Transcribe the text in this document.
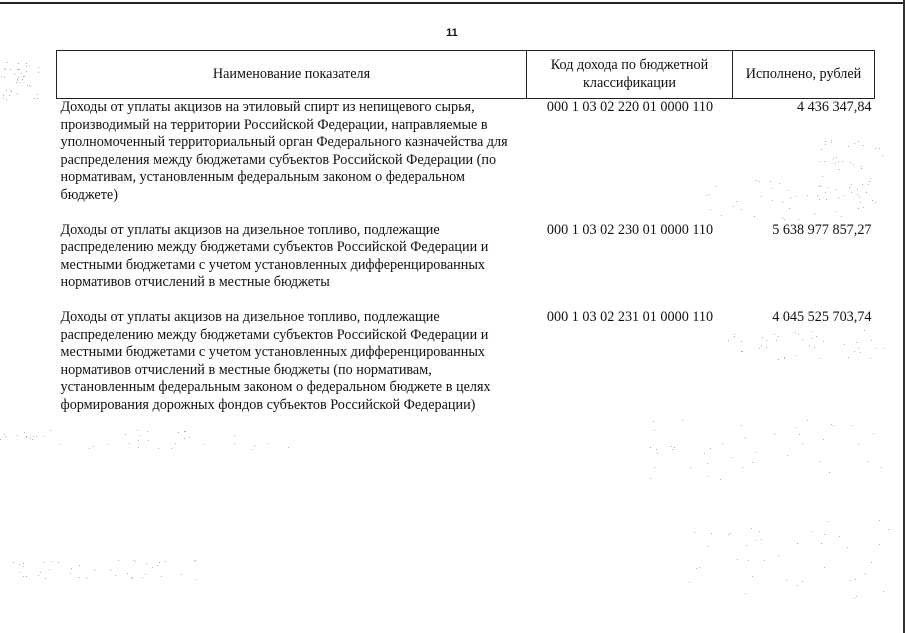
11
Наименование показателя	Код дохода по бюджетной классификации	Исполнено, рублей
Доходы от уплаты акцизов на этиловый спирт из непищевого сырья, производимый на территории Российской Федерации, направляемые в уполномоченный территориальный орган Федерального казначейства для распределения между бюджетами субъектов Российской Федерации (по нормативам, установленным федеральным законом о федеральном бюджете)	000 1 03 02 220 01 0000 110	4 436 347,84
Доходы от уплаты акцизов на дизельное топливо, подлежащие распределению между бюджетами субъектов Российской Федерации и местными бюджетами с учетом установленных дифференцированных нормативов отчислений в местные бюджеты	000 1 03 02 230 01 0000 110	5 638 977 857,27
Доходы от уплаты акцизов на дизельное топливо, подлежащие распределению между бюджетами субъектов Российской Федерации и местными бюджетами с учетом установленных дифференцированных нормативов отчислений в местные бюджеты (по нормативам, установленным федеральным законом о федеральном бюджете в целях формирования дорожных фондов субъектов Российской Федерации)	000 1 03 02 231 01 0000 110	4 045 525 703,74
